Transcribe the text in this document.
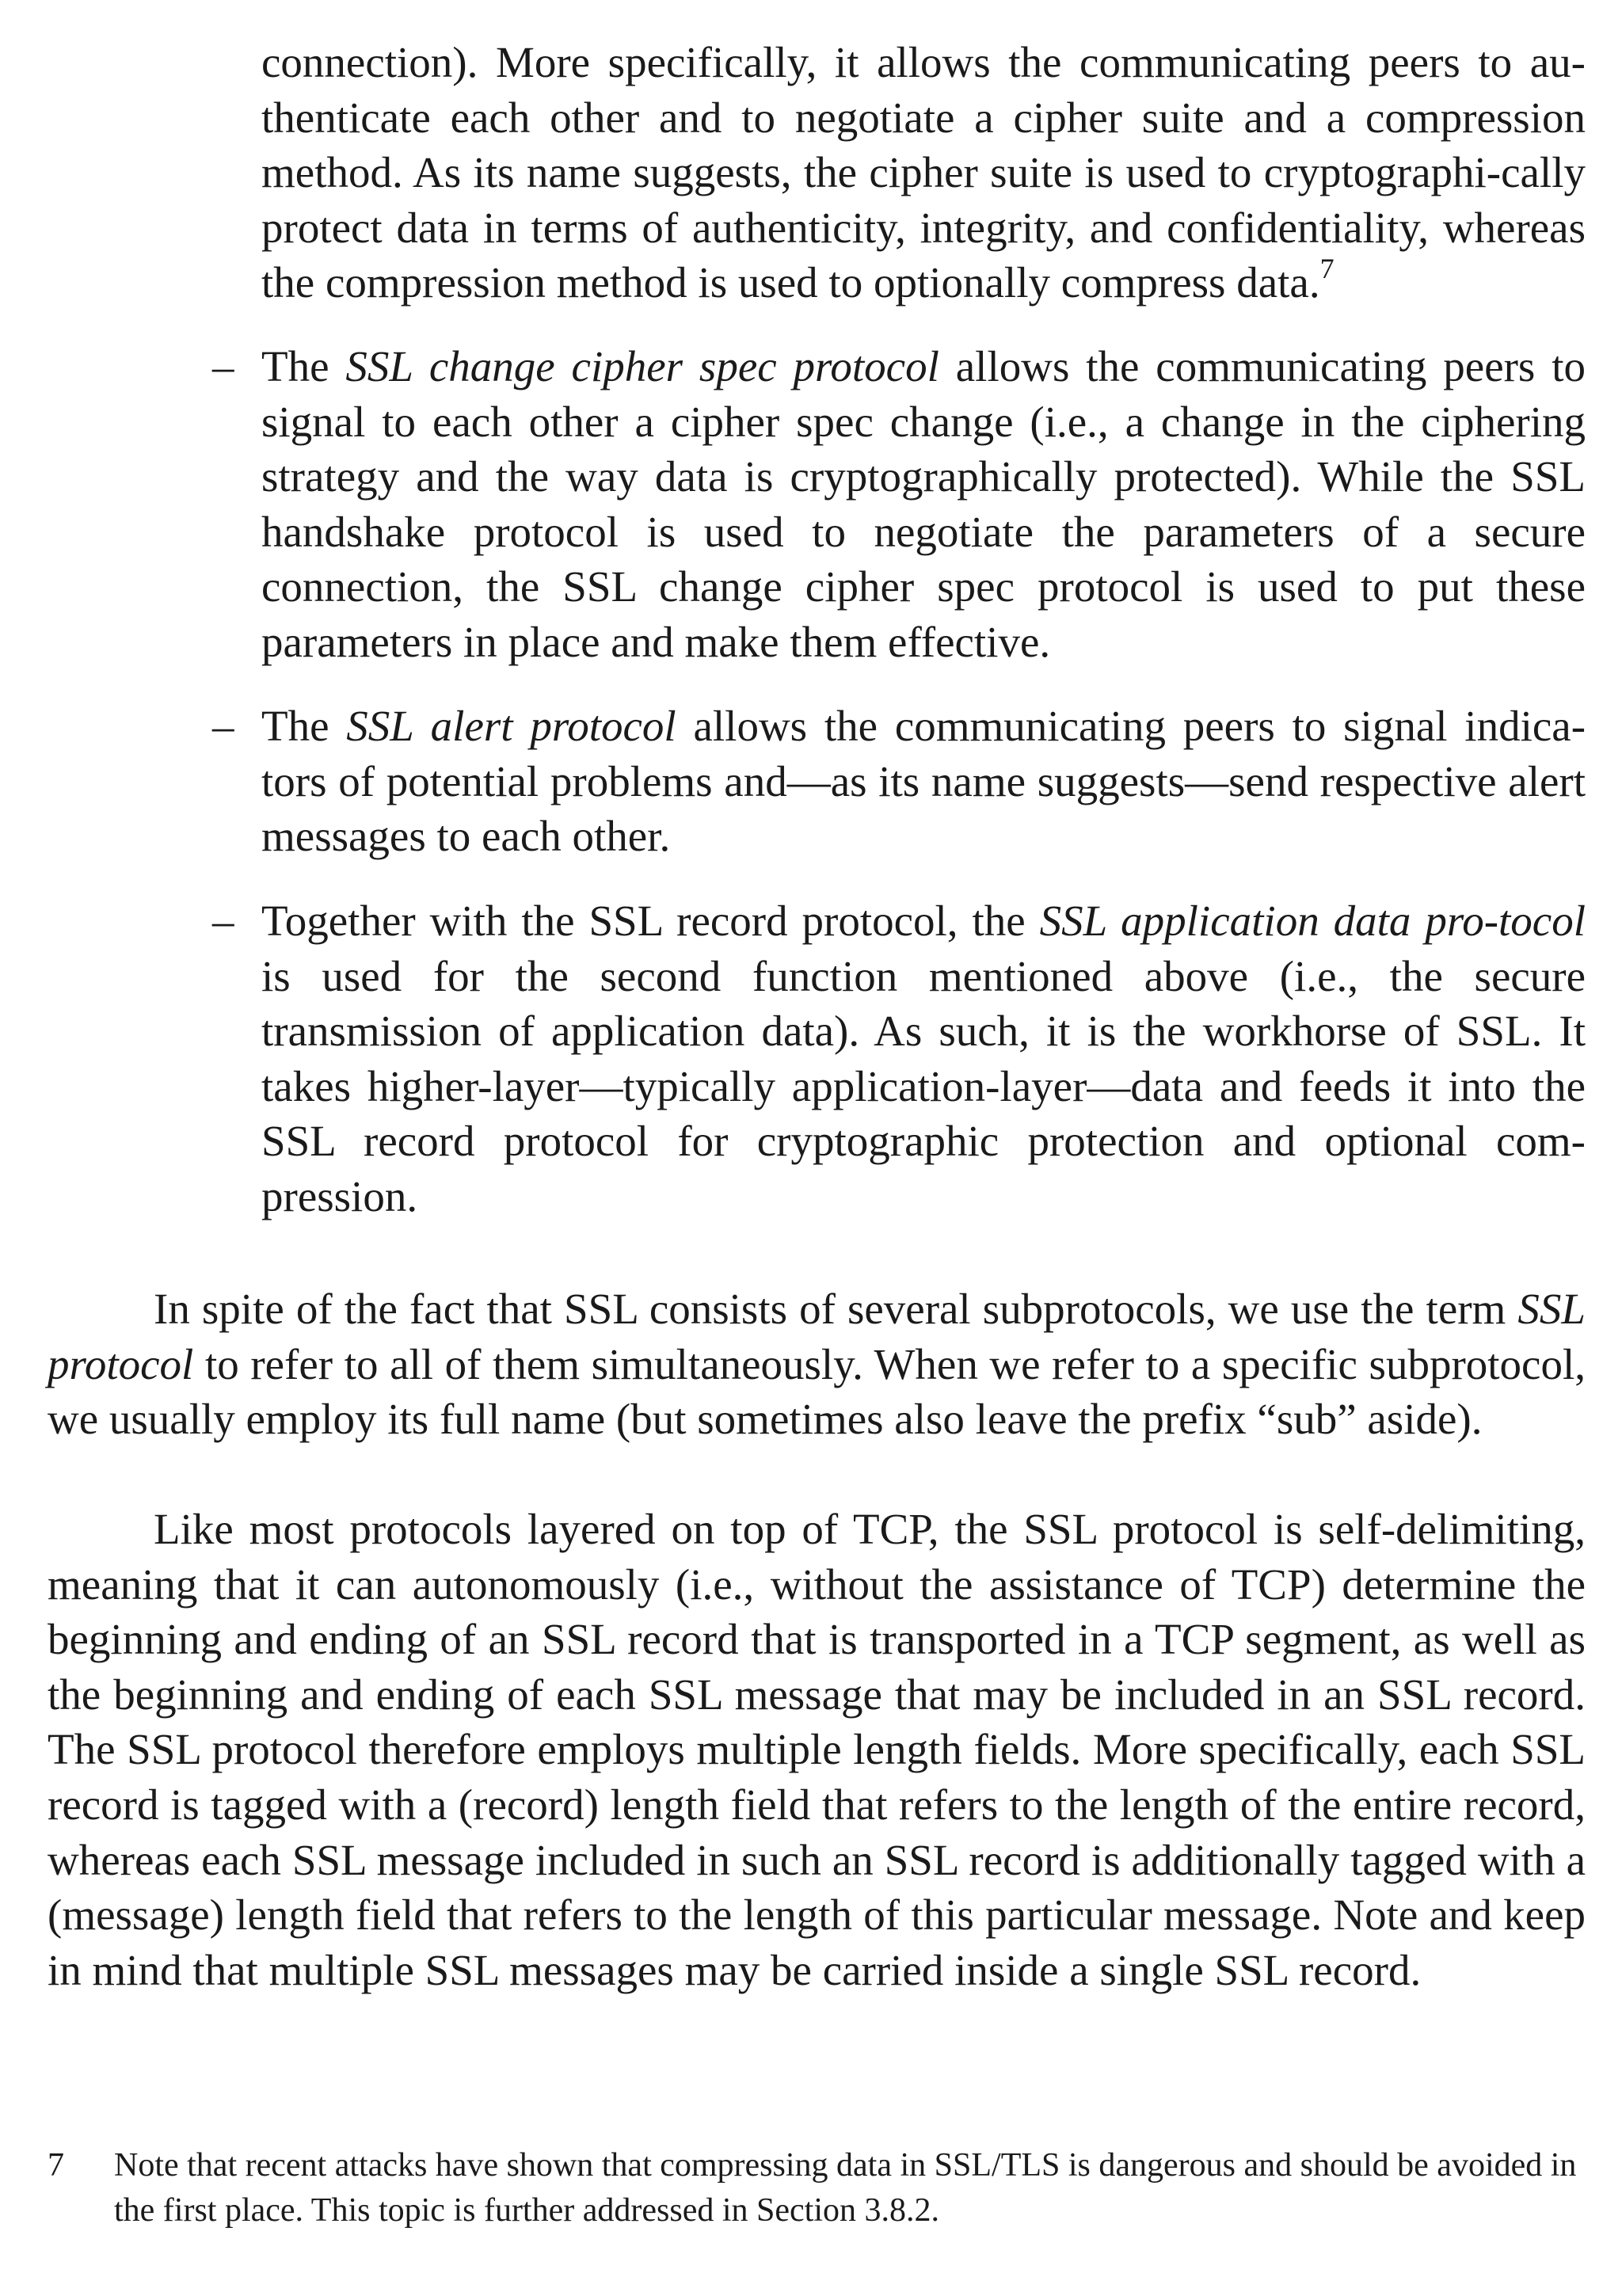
connection). More specifically, it allows the communicating peers to au-thenticate each other and to negotiate a cipher suite and a compression method. As its name suggests, the cipher suite is used to cryptographi-cally protect data in terms of authenticity, integrity, and confidentiality, whereas the compression method is used to optionally compress data.$^7$
– The SSL change cipher spec protocol allows the communicating peers to signal to each other a cipher spec change (i.e., a change in the ciphering strategy and the way data is cryptographically protected). While the SSL handshake protocol is used to negotiate the parameters of a secure connection, the SSL change cipher spec protocol is used to put these parameters in place and make them effective.
– The SSL alert protocol allows the communicating peers to signal indica-tors of potential problems and—as its name suggests—send respective alert messages to each other.
– Together with the SSL record protocol, the SSL application data pro-tocol is used for the second function mentioned above (i.e., the secure transmission of application data). As such, it is the workhorse of SSL. It takes higher-layer—typically application-layer—data and feeds it into the SSL record protocol for cryptographic protection and optional com-pression.
In spite of the fact that SSL consists of several subprotocols, we use the term SSL protocol to refer to all of them simultaneously. When we refer to a specific subprotocol, we usually employ its full name (but sometimes also leave the prefix “sub” aside).
Like most protocols layered on top of TCP, the SSL protocol is self-delimiting, meaning that it can autonomously (i.e., without the assistance of TCP) determine the beginning and ending of an SSL record that is transported in a TCP segment, as well as the beginning and ending of each SSL message that may be included in an SSL record. The SSL protocol therefore employs multiple length fields. More specifically, each SSL record is tagged with a (record) length field that refers to the length of the entire record, whereas each SSL message included in such an SSL record is additionally tagged with a (message) length field that refers to the length of this particular message. Note and keep in mind that multiple SSL messages may be carried inside a single SSL record.
7 Note that recent attacks have shown that compressing data in SSL/TLS is dangerous and should be avoided in the first place. This topic is further addressed in Section 3.8.2.
